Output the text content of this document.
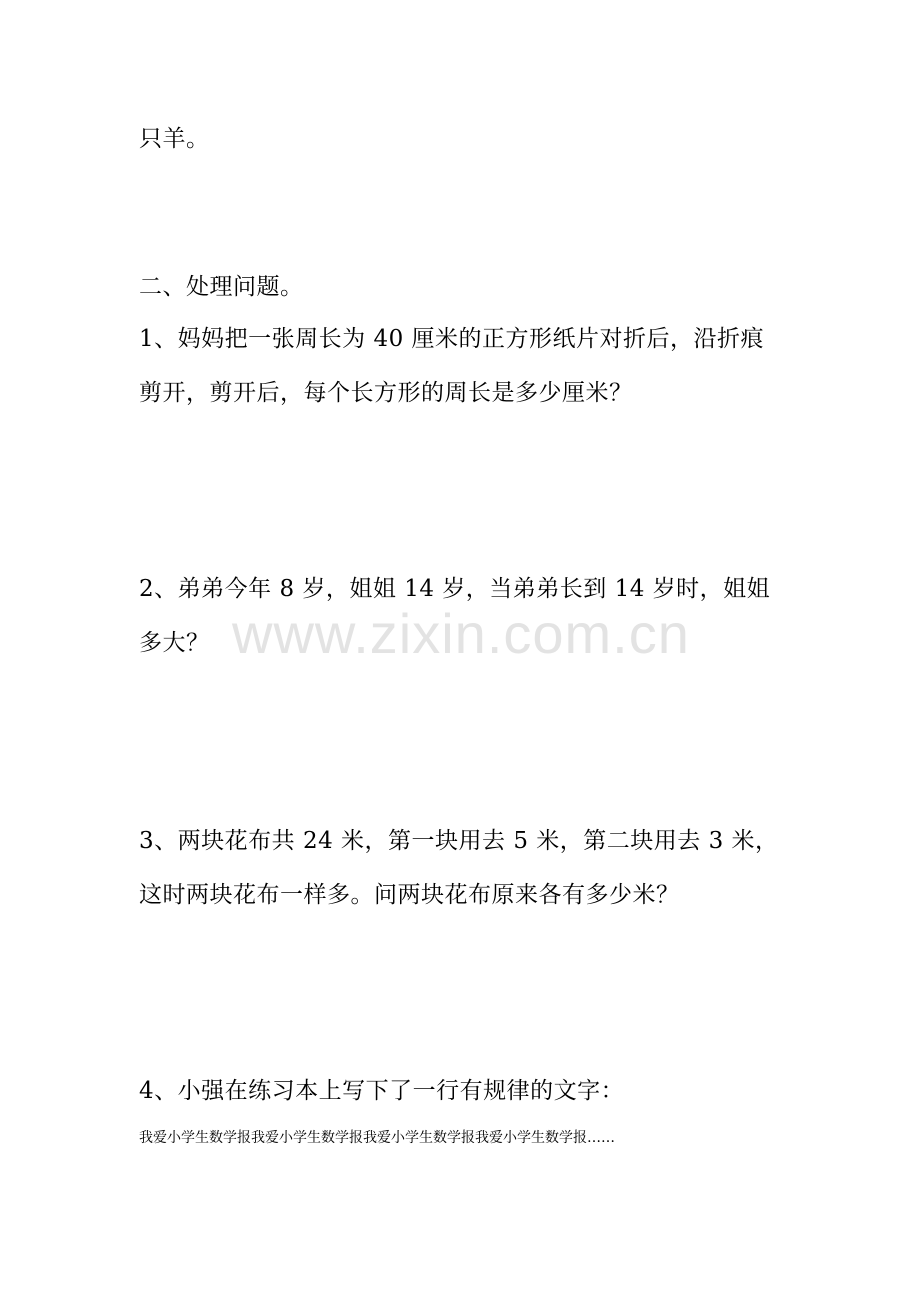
www.zixin.com.cn
只羊。
二、处理问题。
1、妈妈把一张周长为 40 厘米的正方形纸片对折后，沿折痕
剪开，剪开后，每个长方形的周长是多少厘米？
2、弟弟今年 8 岁，姐姐 14 岁，当弟弟长到 14 岁时，姐姐
多大？
3、两块花布共 24 米，第一块用去 5 米，第二块用去 3 米，
这时两块花布一样多。问两块花布原来各有多少米？
4、小强在练习本上写下了一行有规律的文字：
我爱小学生数学报我爱小学生数学报我爱小学生数学报我爱小学生数学报……
